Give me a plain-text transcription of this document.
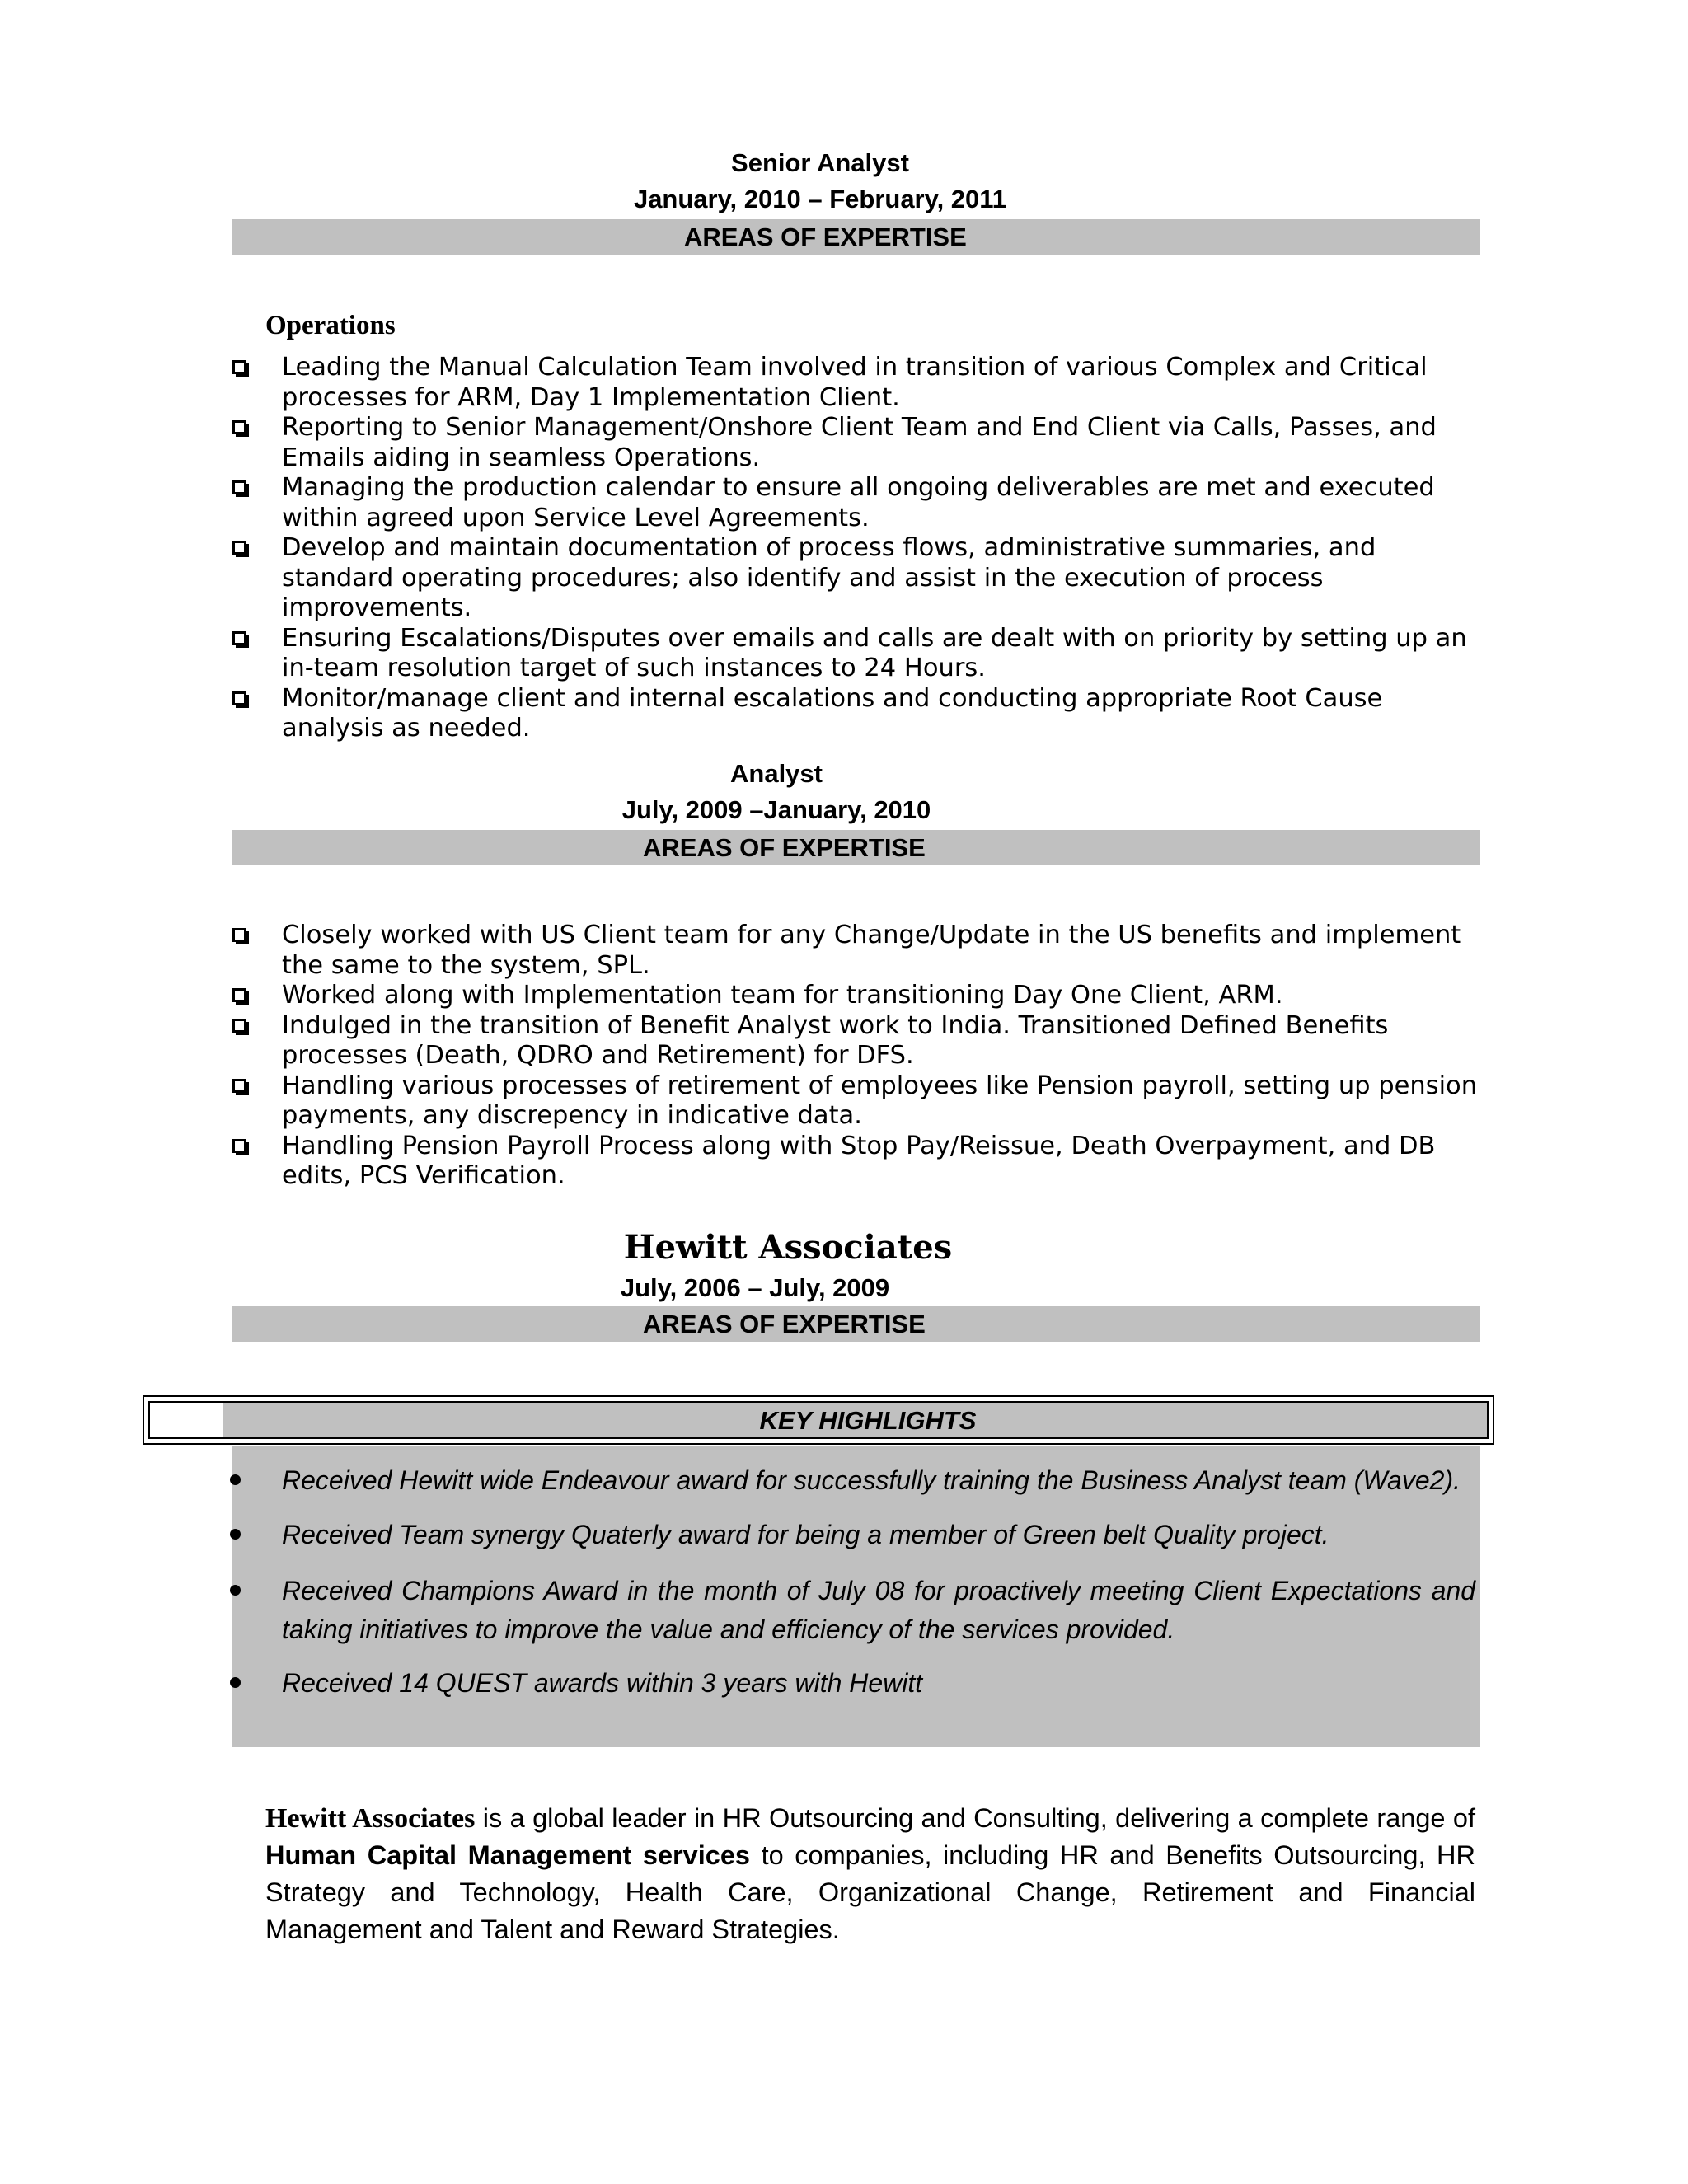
Senior Analyst
January, 2010 – February, 2011
AREAS OF EXPERTISE
Operations
Leading the Manual Calculation Team involved in transition of various Complex and Critical processes for ARM, Day 1 Implementation Client.
Reporting to Senior Management/Onshore Client Team and End Client via Calls, Passes, and Emails aiding in seamless Operations.
Managing the production calendar to ensure all ongoing deliverables are met and executed within agreed upon Service Level Agreements.
Develop and maintain documentation of process flows, administrative summaries, and standard operating procedures; also identify and assist in the execution of process improvements.
Ensuring Escalations/Disputes over emails and calls are dealt with on priority by setting up an in-team resolution target of such instances to 24 Hours.
Monitor/manage client and internal escalations and conducting appropriate Root Cause analysis as needed.
Analyst
July, 2009 –January, 2010
AREAS OF EXPERTISE
Closely worked with US Client team for any Change/Update in the US benefits and implement the same to the system, SPL.
Worked along with Implementation team for transitioning Day One Client, ARM.
Indulged in the transition of Benefit Analyst work to India. Transitioned Defined Benefits processes (Death, QDRO and Retirement) for DFS.
Handling various processes of retirement of employees like Pension payroll, setting up pension payments, any discrepency in indicative data.
Handling Pension Payroll Process along with Stop Pay/Reissue, Death Overpayment, and DB edits, PCS Verification.
Hewitt Associates
July, 2006 – July, 2009
AREAS OF EXPERTISE
KEY HIGHLIGHTS
Received Hewitt wide Endeavour award for successfully training the Business Analyst team (Wave2).
Received Team synergy Quaterly award for being a member of Green belt Quality project.
Received Champions Award in the month of July 08 for proactively meeting Client Expectations and taking initiatives to improve the value and efficiency of the services provided.
Received 14 QUEST awards within 3 years with Hewitt

Hewitt Associates is a global leader in HR Outsourcing and Consulting, delivering a complete range of Human Capital Management services to companies, including HR and Benefits Outsourcing, HR Strategy and Technology, Health Care, Organizational Change, Retirement and Financial Management and Talent and Reward Strategies.
